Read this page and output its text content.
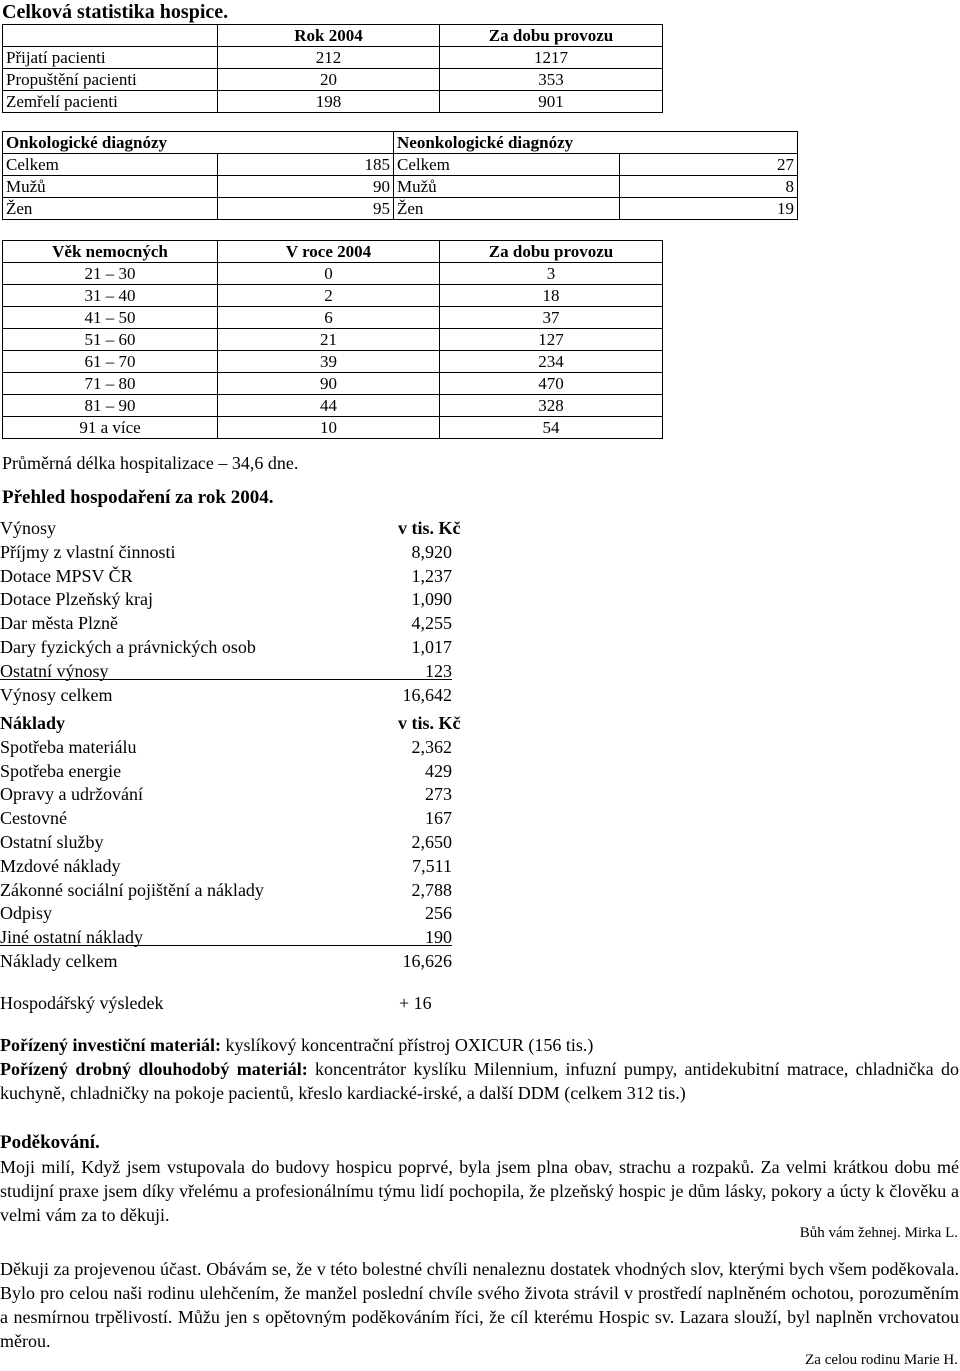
Celková statistika hospice.
	Rok 2004	Za dobu provozu
Přijatí pacienti	212	1217
Propuštění pacienti	20	353
Zemřelí pacienti	198	901
Onkologické diagnózy		Neonkologické diagnózy	
Celkem	185	Celkem	27
Mužů	90	Mužů	8
Žen	95	Žen	19
Věk nemocných	V roce 2004	Za dobu provozu
21 – 30	0	3
31 – 40	2	18
41 – 50	6	37
51 – 60	21	127
61 – 70	39	234
71 – 80	90	470
81 – 90	44	328
91 a více	10	54
Průměrná délka hospitalizace – 34,6 dne.
Přehled hospodaření za rok 2004.
Výnosy	v tis. Kč
Příjmy z vlastní činnosti	8,920
Dotace MPSV ČR	1,237
Dotace Plzeňský kraj	1,090
Dar města Plzně	4,255
Dary fyzických a právnických osob	1,017
Ostatní výnosy	123
Výnosy celkem	16,642
Náklady	v tis. Kč
Spotřeba materiálu	2,362
Spotřeba energie	429
Opravy a udržování	273
Cestovné	167
Ostatní služby	2,650
Mzdové náklady	7,511
Zákonné sociální pojištění a náklady	2,788
Odpisy	256
Jiné ostatní náklady	190
Náklady celkem	16,626
Hospodářský výsledek	+ 16

Pořízený investiční materiál: kyslíkový koncentrační přístroj OXICUR (156 tis.)

Pořízený drobný dlouhodobý materiál: koncentrátor kyslíku Milennium, infuzní pumpy, antidekubitní matrace, chladnička do kuchyně, chladničky na pokoje pacientů, křeslo kardiacké-irské, a další DDM (celkem 312 tis.)

Poděkování.

Moji milí, Když jsem vstupovala do budovy hospicu poprvé, byla jsem plna obav, strachu a rozpaků. Za velmi krátkou dobu mé studijní praxe jsem díky vřelému a profesionálnímu týmu lidí pochopila, že plzeňský hospic je dům lásky, pokory a úcty k člověku a velmi vám za to děkuji.

Bůh vám žehnej. Mirka L.

Děkuji za projevenou účast. Obávám se, že v této bolestné chvíli nenaleznu dostatek vhodných slov, kterými bych všem poděkovala. Bylo pro celou naši rodinu ulehčením, že manžel poslední chvíle svého života strávil v prostředí naplněném ochotou, porozuměním a nesmírnou trpělivostí. Můžu jen s opětovným poděkováním říci, že cíl kterému Hospic sv. Lazara slouží, byl naplněn vrchovatou měrou.

Za celou rodinu Marie H.
